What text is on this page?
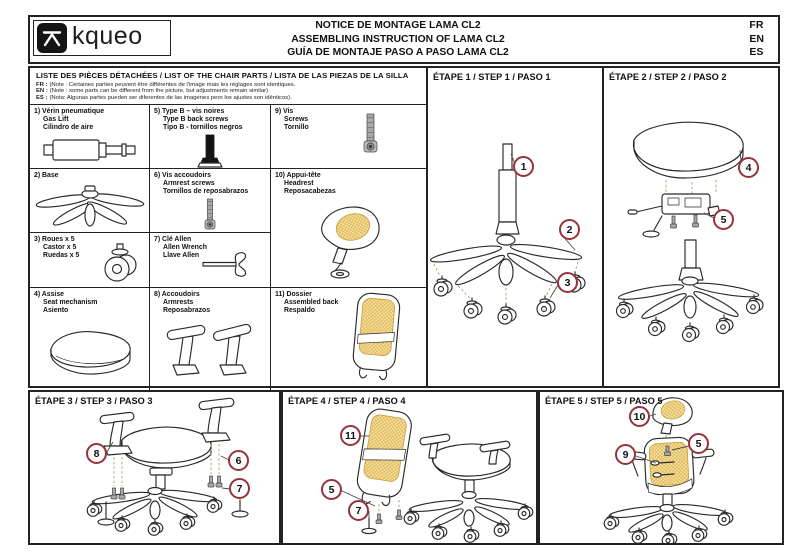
kqueo	NOTICE DE MONTAGE LAMA CL2
ASSEMBLING INSTRUCTION OF LAMA CL2
GUÍA DE MONTAJE PASO A PASO LAMA CL2
FR
EN
ES
LISTE DES PIÈCES DÉTACHÉES / LIST OF THE CHAIR PARTS / LISTA DE LAS PIEZAS DE LA SILLA
FR : (Note : Certaines parties peuvent être différentes de l'image mais les réglages sont identiques.
EN : (Note : some parts can be different from the picture, but adjustments remain similar)
ES : (Nota: Algunas partes pueden ser diferentes de las imagenes pero los ajustes son idénticos).
1) Vérin pneumatique
Gas Lift
Cilindro de aire
5) Type B – vis noires
Type B back screws
Tipo B - tornillos negros
9) Vis
Screws
Tornillo
2) Base	6) Vis accoudoirs
Armrest screws
Tornillos de reposabrazos
10) Appui-tête
Headrest
Reposacabezas
3) Roues x 5
Castor x 5
Ruedas x 5
7) Clé Allen
Allen Wrench
Llave Allen
4) Assise
Seat mechanism
Asiento
8) Accoudoirs
Armrests
Reposabrazos
11) Dossier
Assembled back
Respaldo
ÉTAPE 1 / STEP 1 / PASO 1
1
2
3
ÉTAPE 2 / STEP 2 / PASO 2
4
5
ÉTAPE 3 / STEP 3 / PASO 3
8
6
7
ÉTAPE 4 / STEP 4 / PASO 4
11
5
7
ÉTAPE 5 / STEP 5 / PASO 5
10
5
9
